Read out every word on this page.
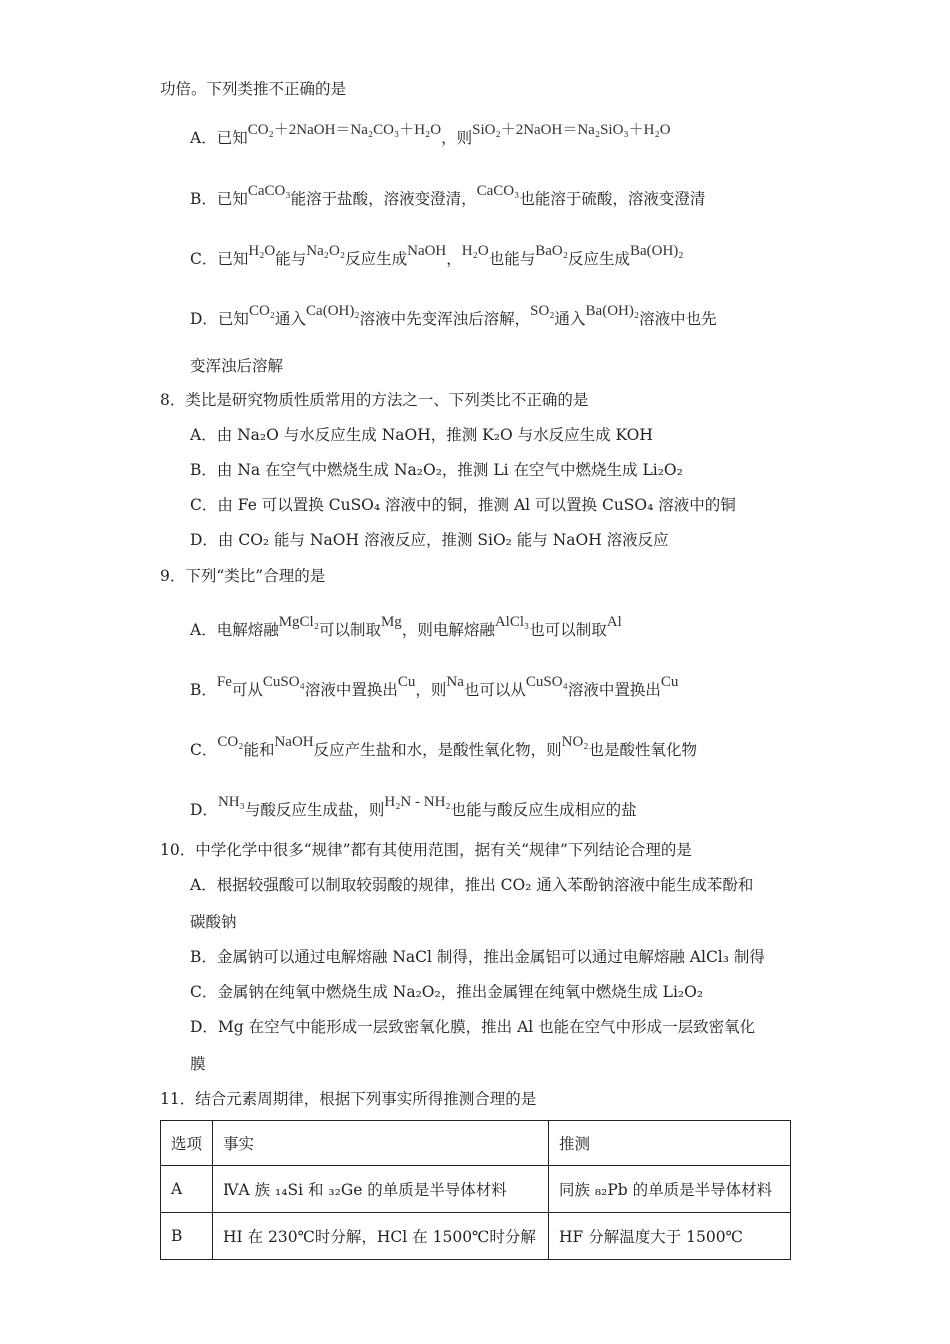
功倍。下列类推不正确的是
A．已知CO₂＋2NaOH＝Na₂CO₃＋H₂O，则SiO₂＋2NaOH＝Na₂SiO₃＋H₂O
B．已知CaCO₃能溶于盐酸，溶液变澄清，CaCO₃也能溶于硫酸，溶液变澄清
C．已知H₂O能与Na₂O₂反应生成NaOH，H₂O也能与BaO₂反应生成Ba(OH)₂
D．已知CO₂通入Ca(OH)₂溶液中先变浑浊后溶解，SO₂通入Ba(OH)₂溶液中也先
变浑浊后溶解
8．类比是研究物质性质常用的方法之一、下列类比不正确的是
A．由 Na₂O 与水反应生成 NaOH，推测 K₂O 与水反应生成 KOH
B．由 Na 在空气中燃烧生成 Na₂O₂，推测 Li 在空气中燃烧生成 Li₂O₂
C．由 Fe 可以置换 CuSO₄ 溶液中的铜，推测 Al 可以置换 CuSO₄ 溶液中的铜
D．由 CO₂ 能与 NaOH 溶液反应，推测 SiO₂ 能与 NaOH 溶液反应
9．下列“类比”合理的是
A．电解熔融MgCl₂可以制取Mg，则电解熔融AlCl₃也可以制取Al
B．Fe可从CuSO₄溶液中置换出Cu，则Na也可以从CuSO₄溶液中置换出Cu
C．CO₂能和NaOH反应产生盐和水，是酸性氧化物，则NO₂也是酸性氧化物
D．NH₃与酸反应生成盐，则H₂N - NH₂也能与酸反应生成相应的盐
10．中学化学中很多“规律”都有其使用范围，据有关“规律”下列结论合理的是
A．根据较强酸可以制取较弱酸的规律，推出 CO₂ 通入苯酚钠溶液中能生成苯酚和
碳酸钠
B．金属钠可以通过电解熔融 NaCl 制得，推出金属铝可以通过电解熔融 AlCl₃ 制得
C．金属钠在纯氧中燃烧生成 Na₂O₂，推出金属锂在纯氧中燃烧生成 Li₂O₂
D．Mg 在空气中能形成一层致密氧化膜，推出 Al 也能在空气中形成一层致密氧化
膜
11．结合元素周期律，根据下列事实所得推测合理的是
选项	事实	推测
A	ⅣA 族 ₁₄Si 和 ₃₂Ge 的单质是半导体材料	同族 ₈₂Pb 的单质是半导体材料
B	HI 在 230℃时分解，HCl 在 1500℃时分解	HF 分解温度大于 1500℃
